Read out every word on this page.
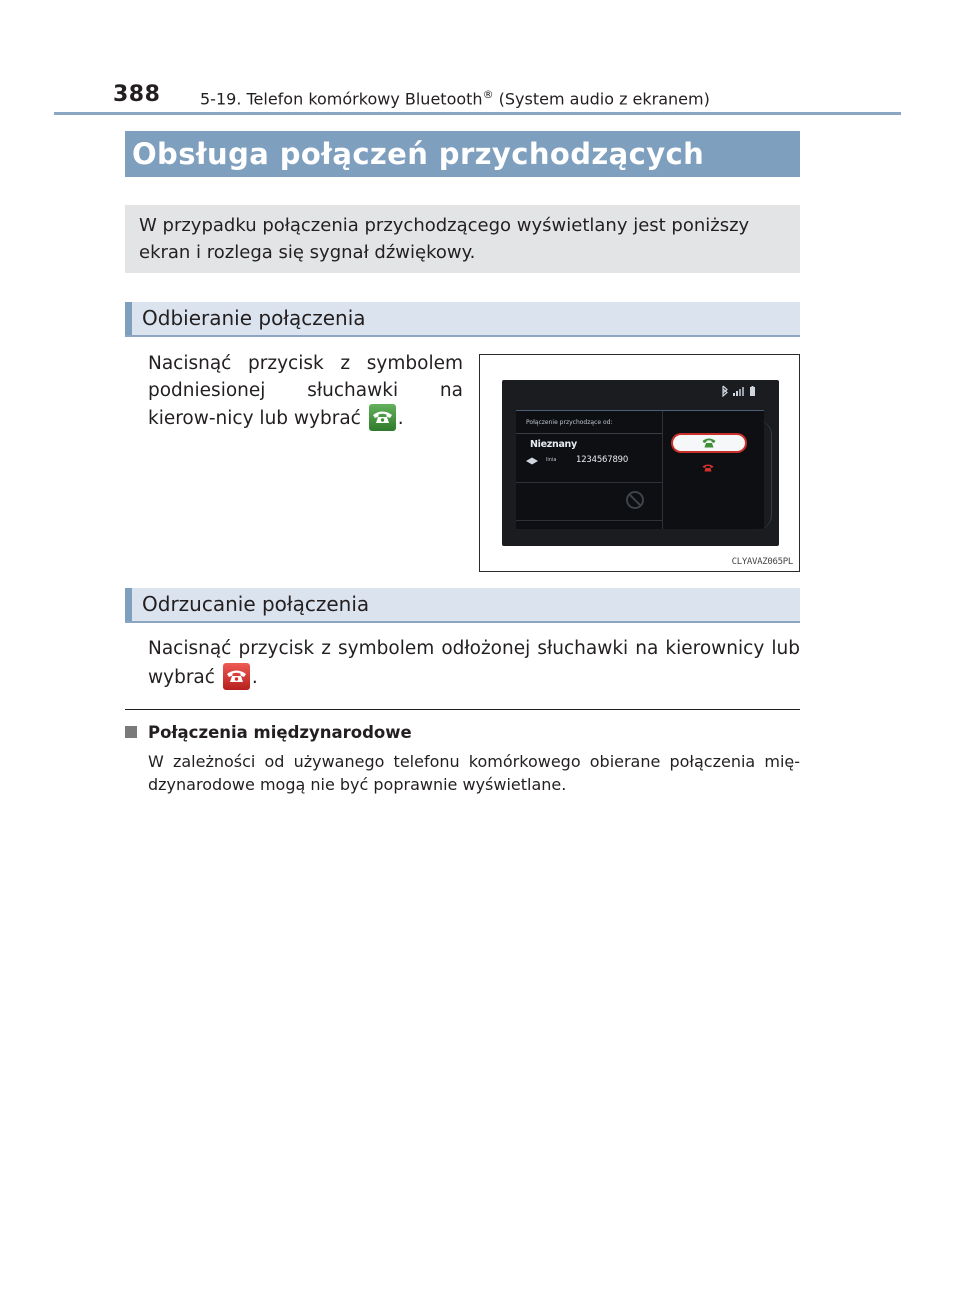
388 5-19. Telefon komórkowy Bluetooth® (System audio z ekranem)
Obsługa połączeń przychodzących
W przypadku połączenia przychodzącego wyświetlany jest poniższy ekran i rozlega się sygnał dźwiękowy.
Odbieranie połączenia
Nacisnąć przycisk z symbolem podniesionej słuchawki na kierow-nicy lub wybrać
.	Połączenie przychodzące od:
Nieznany
linia 1234567890
CLYAVAZ065PL
Odrzucanie połączenia
Nacisnąć przycisk z symbolem odłożonej słuchawki na kierownicy lub wybrać
.
Połączenia międzynarodowe
W zależności od używanego telefonu komórkowego obierane połączenia mię-dzynarodowe mogą nie być poprawnie wyświetlane.
